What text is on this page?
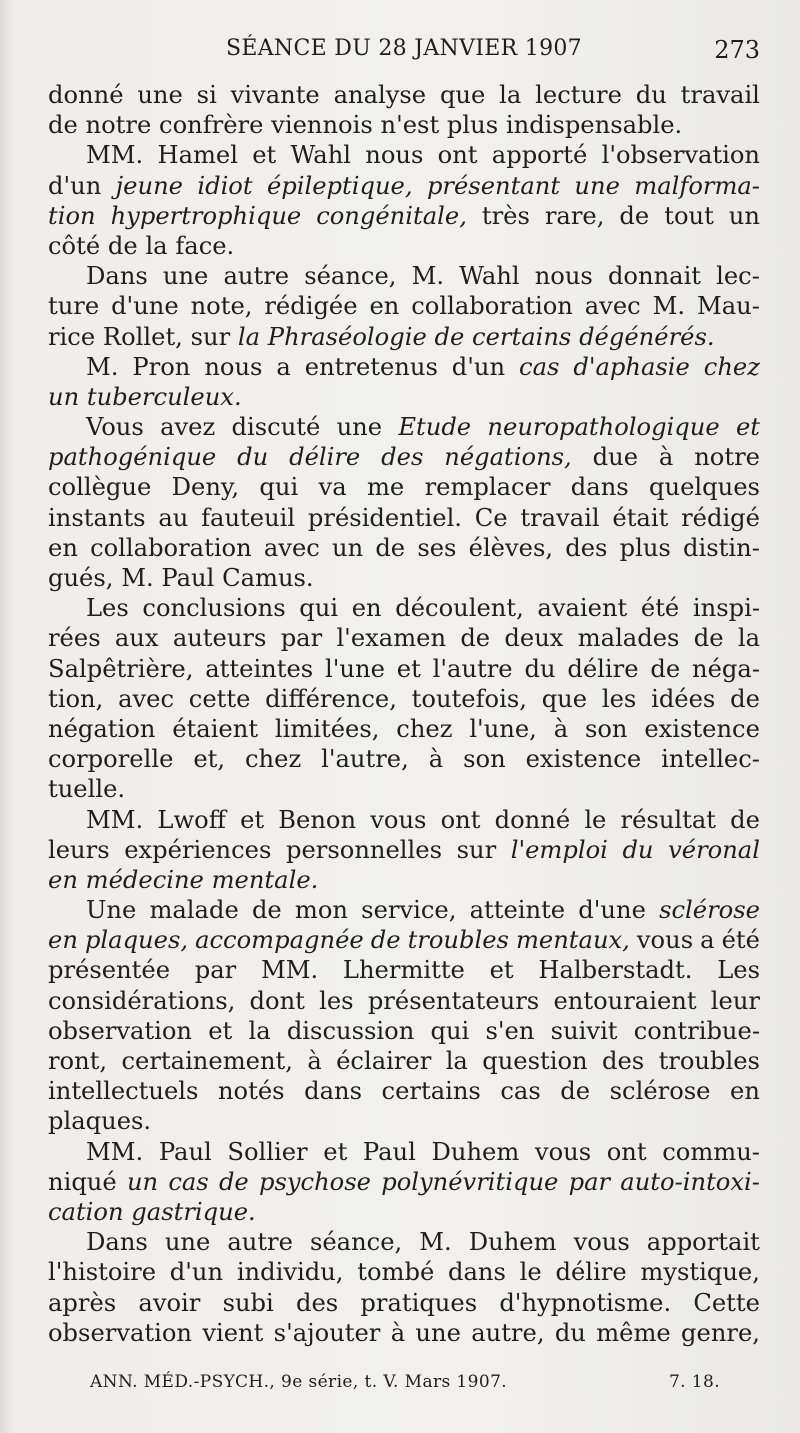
SÉANCE DU 28 JANVIER 1907	273
donné une si vivante analyse que la lecture du travail
de notre confrère viennois n'est plus indispensable.
MM. Hamel et Wahl nous ont apporté l'observation
d'un jeune idiot épileptique, présentant une malforma-
tion hypertrophique congénitale, très rare, de tout un
côté de la face.
Dans une autre séance, M. Wahl nous donnait lec-
ture d'une note, rédigée en collaboration avec M. Mau-
rice Rollet, sur la Phraséologie de certains dégénérés.
M. Pron nous a entretenus d'un cas d'aphasie chez
un tuberculeux.
Vous avez discuté une Etude neuropathologique et
pathogénique du délire des négations, due à notre
collègue Deny, qui va me remplacer dans quelques
instants au fauteuil présidentiel. Ce travail était rédigé
en collaboration avec un de ses élèves, des plus distin-
gués, M. Paul Camus.
Les conclusions qui en découlent, avaient été inspi-
rées aux auteurs par l'examen de deux malades de la
Salpêtrière, atteintes l'une et l'autre du délire de néga-
tion, avec cette différence, toutefois, que les idées de
négation étaient limitées, chez l'une, à son existence
corporelle et, chez l'autre, à son existence intellec-
tuelle.
MM. Lwoff et Benon vous ont donné le résultat de
leurs expériences personnelles sur l'emploi du véronal
en médecine mentale.
Une malade de mon service, atteinte d'une sclérose
en plaques, accompagnée de troubles mentaux, vous a été
présentée par MM. Lhermitte et Halberstadt. Les
considérations, dont les présentateurs entouraient leur
observation et la discussion qui s'en suivit contribue-
ront, certainement, à éclairer la question des troubles
intellectuels notés dans certains cas de sclérose en
plaques.
MM. Paul Sollier et Paul Duhem vous ont commu-
niqué un cas de psychose polynévritique par auto-intoxi-
cation gastrique.
Dans une autre séance, M. Duhem vous apportait
l'histoire d'un individu, tombé dans le délire mystique,
après avoir subi des pratiques d'hypnotisme. Cette
observation vient s'ajouter à une autre, du même genre,
ANN. MÉD.-PSYCH., 9e série, t. V. Mars 1907.	7. 18.
